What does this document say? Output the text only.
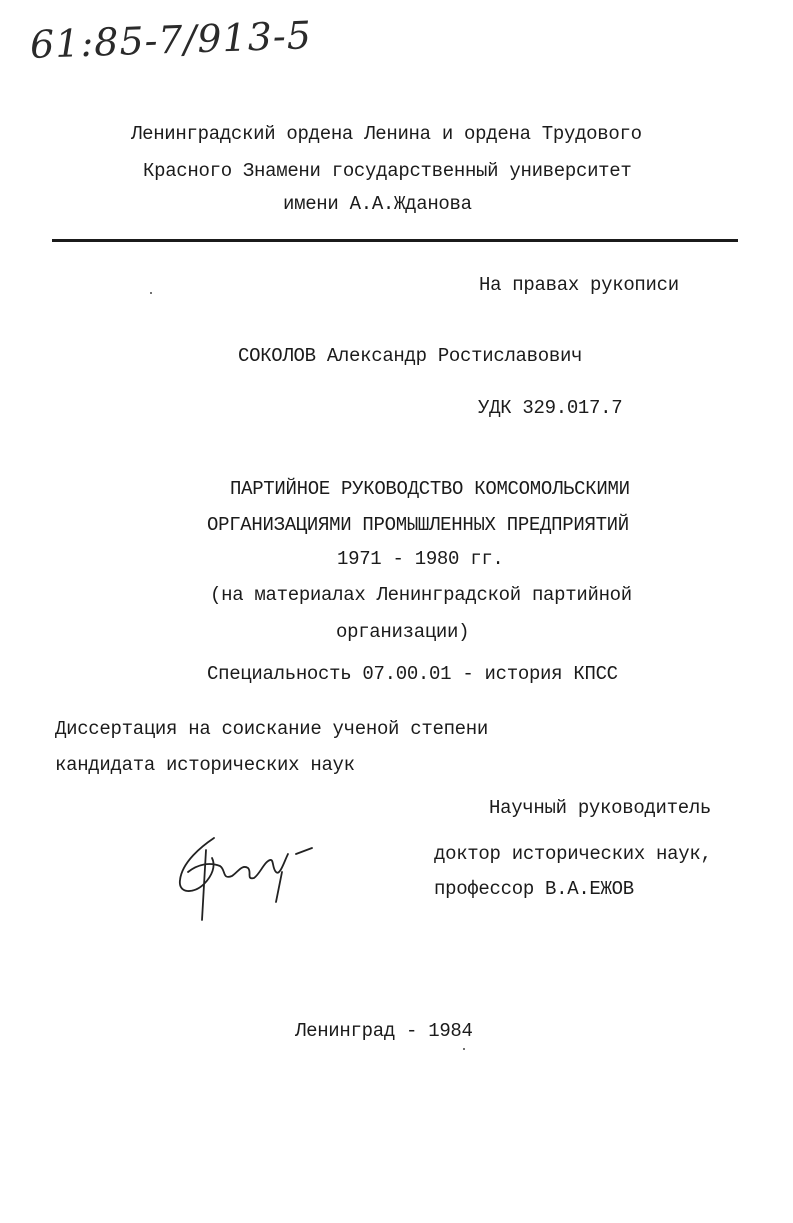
61:85-7/913-5
Ленинградский ордена Ленина и ордена Трудового
Красного Знамени государственный университет
имени А.А.Жданова
На правах рукописи
СОКОЛОВ Александр Ростиславович
УДК 329.017.7
ПАРТИЙНОЕ РУКОВОДСТВО КОМСОМОЛЬСКИМИ
ОРГАНИЗАЦИЯМИ ПРОМЫШЛЕННЫХ ПРЕДПРИЯТИЙ
1971 - 1980 гг.
(на материалах Ленинградской партийной
организации)
Специальность 07.00.01 - история КПСС
Диссертация на соискание ученой степени
кандидата исторических наук
Научный руководитель
доктор исторических наук,
профессор В.А.ЕЖОВ
Ленинград - 1984
